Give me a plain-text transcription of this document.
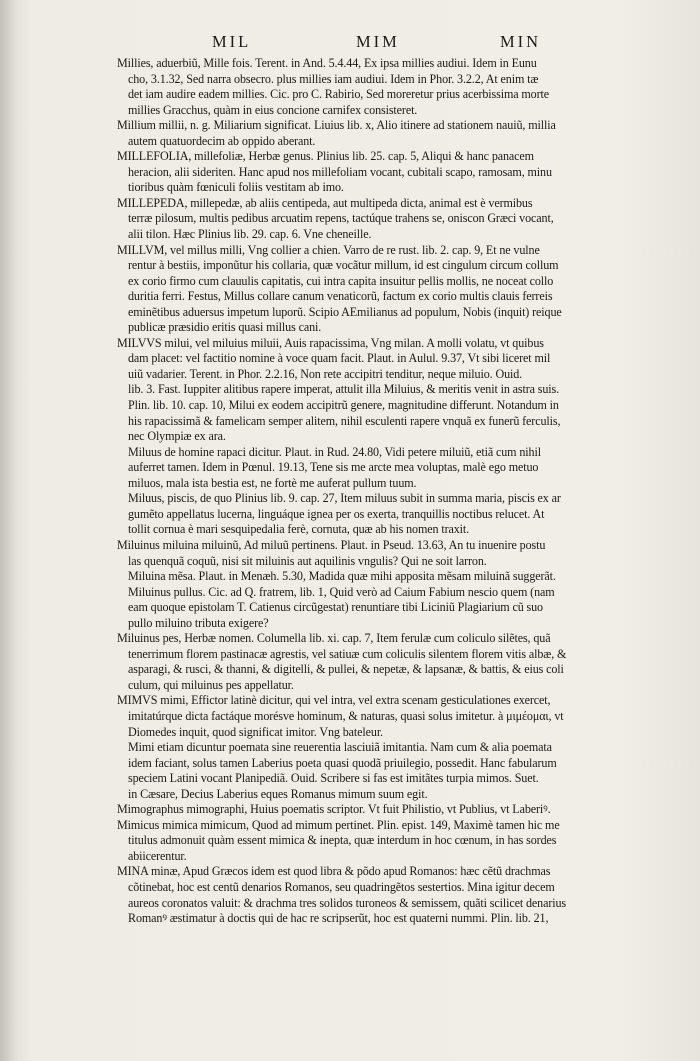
MIL	MIM	MIN
Millies, aduerbiũ, Mille fois. Terent. in And. 5.4.44, Ex ipsa millies audiui. Idem in Eunu
cho, 3.1.32, Sed narra obsecro. plus millies iam audiui. Idem in Phor. 3.2.2, At enim tæ
det iam audire eadem millies. Cic. pro C. Rabirio, Sed moreretur prius acerbissima morte
millies Gracchus, quàm in eius concione carnifex consisteret.
Millium millii, n. g. Miliarium significat. Liuius lib. x, Alio itinere ad stationem nauiũ, millia
autem quatuordecim ab oppido aberant.
MILLEFOLIA, millefoliæ, Herbæ genus. Plinius lib. 25. cap. 5, Aliqui & hanc panacem
heracion, alii sideriten. Hanc apud nos millefoliam vocant, cubitali scapo, ramosam, minu
tioribus quàm fœniculi foliis vestitam ab imo.
MILLEPEDA, millepedæ, ab aliis centipeda, aut multipeda dicta, animal est è vermibus
terræ pilosum, multis pedibus arcuatim repens, tactúque trahens se, oniscon Græci vocant,
alii tilon. Hæc Plinius lib. 29. cap. 6. Vne cheneille.
MILLVM, vel millus milli, Vng collier a chien. Varro de re rust. lib. 2. cap. 9, Et ne vulne
rentur à bestiis, imponũtur his collaria, quæ vocãtur millum, id est cingulum circum collum
ex corio firmo cum clauulis capitatis, cui intra capita insuitur pellis mollis, ne noceat collo
duritia ferri. Festus, Millus collare canum venaticorũ, factum ex corio multis clauis ferreis
eminẽtibus aduersus impetum luporũ. Scipio AEmilianus ad populum, Nobis (inquit) reique
publicæ præsidio eritis quasi millus cani.
MILVVS milui, vel miluius miluii, Auis rapacissima, Vng milan. A molli volatu, vt quibus
dam placet: vel factitio nomine à voce quam facit. Plaut. in Aulul. 9.37, Vt sibi liceret mil
uiũ vadarier. Terent. in Phor. 2.2.16, Non rete accipitri tenditur, neque miluio. Ouid.
lib. 3. Fast. Iuppiter alitibus rapere imperat, attulit illa Miluius, & meritis venit in astra suis.
Plin. lib. 10. cap. 10, Milui ex eodem accipitrũ genere, magnitudine differunt. Notandum in
his rapacissimã & famelicam semper alitem, nihil esculenti rapere vnquã ex funerũ ferculis,
nec Olympiæ ex ara.
Miluus de homine rapaci dicitur. Plaut. in Rud. 24.80, Vidi petere miluiũ, etiã cum nihil
auferret tamen. Idem in Pœnul. 19.13, Tene sis me arcte mea voluptas, malè ego metuo
miluos, mala ista bestia est, ne fortè me auferat pullum tuum.
Miluus, piscis, de quo Plinius lib. 9. cap. 27, Item miluus subit in summa maria, piscis ex ar
gumẽto appellatus lucerna, linguáque ignea per os exerta, tranquillis noctibus relucet. At
tollit cornua è mari sesquipedalia ferè, cornuta, quæ ab his nomen traxit.
Miluinus miluina miluinũ, Ad miluũ pertinens. Plaut. in Pseud. 13.63, An tu inuenire postu
las quenquã coquũ, nisi sit miluinis aut aquilinis vngulis? Qui ne soit larron.
Miluina mẽsa. Plaut. in Menæh. 5.30, Madida quæ mihi apposita mẽsam miluinã suggerãt.
Miluinus pullus. Cic. ad Q. fratrem, lib. 1, Quid verò ad Caium Fabium nescio quem (nam
eam quoque epistolam T. Catienus circũgestat) renuntiare tibi Liciniũ Plagiarium cũ suo
pullo miluino tributa exigere?
Miluinus pes, Herbæ nomen. Columella lib. xi. cap. 7, Item ferulæ cum coliculo silẽtes, quã
tenerrimum florem pastinacæ agrestis, vel satiuæ cum coliculis silentem florem vitis albæ, &
asparagi, & rusci, & thanni, & digitelli, & pullei, & nepetæ, & lapsanæ, & battis, & eius coli
culum, qui miluinus pes appellatur.
MIMVS mimi, Effictor latinè dicitur, qui vel intra, vel extra scenam gesticulationes exercet,
imitatúrque dicta factáque morésve hominum, & naturas, quasi solus imitetur. à μιμέομαι, vt
Diomedes inquit, quod significat imitor. Vng bateleur.
Mimi etiam dicuntur poemata sine reuerentia lasciuiã imitantia. Nam cum & alia poemata
idem faciant, solus tamen Laberius poeta quasi quodã priuilegio, possedit. Hanc fabularum
speciem Latini vocant Planipediã. Ouid. Scribere si fas est imitãtes turpia mimos. Suet.
in Cæsare, Decius Laberius eques Romanus mimum suum egit.
Mimographus mimographi, Huius poematis scriptor. Vt fuit Philistio, vt Publius, vt Laberiꝰ.
Mimicus mimica mimicum, Quod ad mimum pertinet. Plin. epist. 149, Maximè tamen hic me
titulus admonuit quàm essent mimica & inepta, quæ interdum in hoc cœnum, in has sordes
abiicerentur.
MINA minæ, Apud Græcos idem est quod libra & põdo apud Romanos: hæc cẽtũ drachmas
cõtinebat, hoc est centũ denarios Romanos, seu quadringẽtos sestertios. Mina igitur decem
aureos coronatos valuit: & drachma tres solidos turoneos & semissem, quãti scilicet denarius
Romanꝰ æstimatur à doctis qui de hac re scripserũt, hoc est quaterni nummi. Plin. lib. 21,
